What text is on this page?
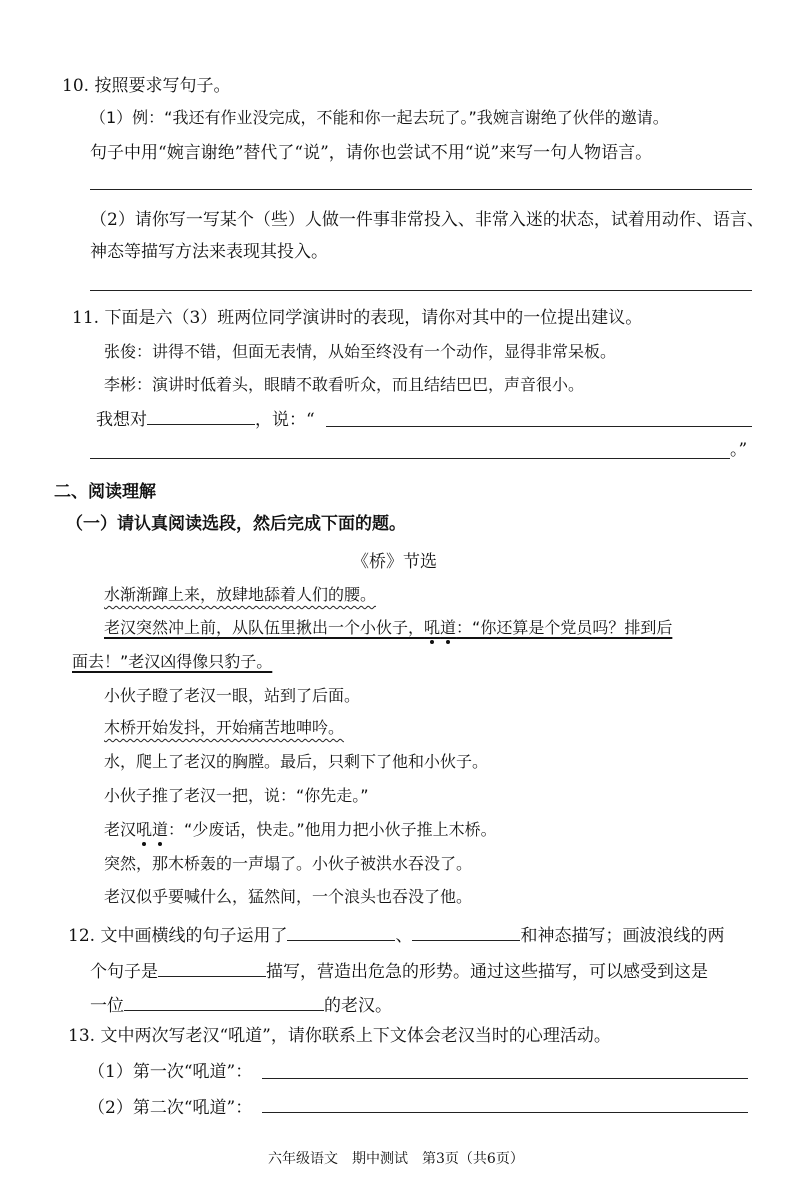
10. 按照要求写句子。
（1）例：“我还有作业没完成，不能和你一起去玩了。”我婉言谢绝了伙伴的邀请。
句子中用“婉言谢绝”替代了“说”，请你也尝试不用“说”来写一句人物语言。
（2）请你写一写某个（些）人做一件事非常投入、非常入迷的状态，试着用动作、语言、
神态等描写方法来表现其投入。
11. 下面是六（3）班两位同学演讲时的表现，请你对其中的一位提出建议。
张俊：讲得不错，但面无表情，从始至终没有一个动作，显得非常呆板。
李彬：演讲时低着头，眼睛不敢看听众，而且结结巴巴，声音很小。
我想对	，说：“
。”
二、阅读理解
（一）请认真阅读选段，然后完成下面的题。
《桥》节选
水渐渐蹿上来，放肆地舔着人们的腰。
老汉突然冲上前，从队伍里揪出一个小伙子，吼道：“你还算是个党员吗？排到后
面去！”老汉凶得像只豹子。
小伙子瞪了老汉一眼，站到了后面。
木桥开始发抖，开始痛苦地呻吟。
水，爬上了老汉的胸膛。最后，只剩下了他和小伙子。
小伙子推了老汉一把，说：“你先走。”
老汉吼道：“少废话，快走。”他用力把小伙子推上木桥。
突然，那木桥轰的一声塌了。小伙子被洪水吞没了。
老汉似乎要喊什么，猛然间，一个浪头也吞没了他。
12. 文中画横线的句子运用了	、	和神态描写；画波浪线的两
个句子是	描写，营造出危急的形势。通过这些描写，可以感受到这是
一位	的老汉。
13. 文中两次写老汉“吼道”，请你联系上下文体会老汉当时的心理活动。
（1）第一次“吼道”：
（2）第二次“吼道”：
六年级语文　期中测试　第3页（共6页）
